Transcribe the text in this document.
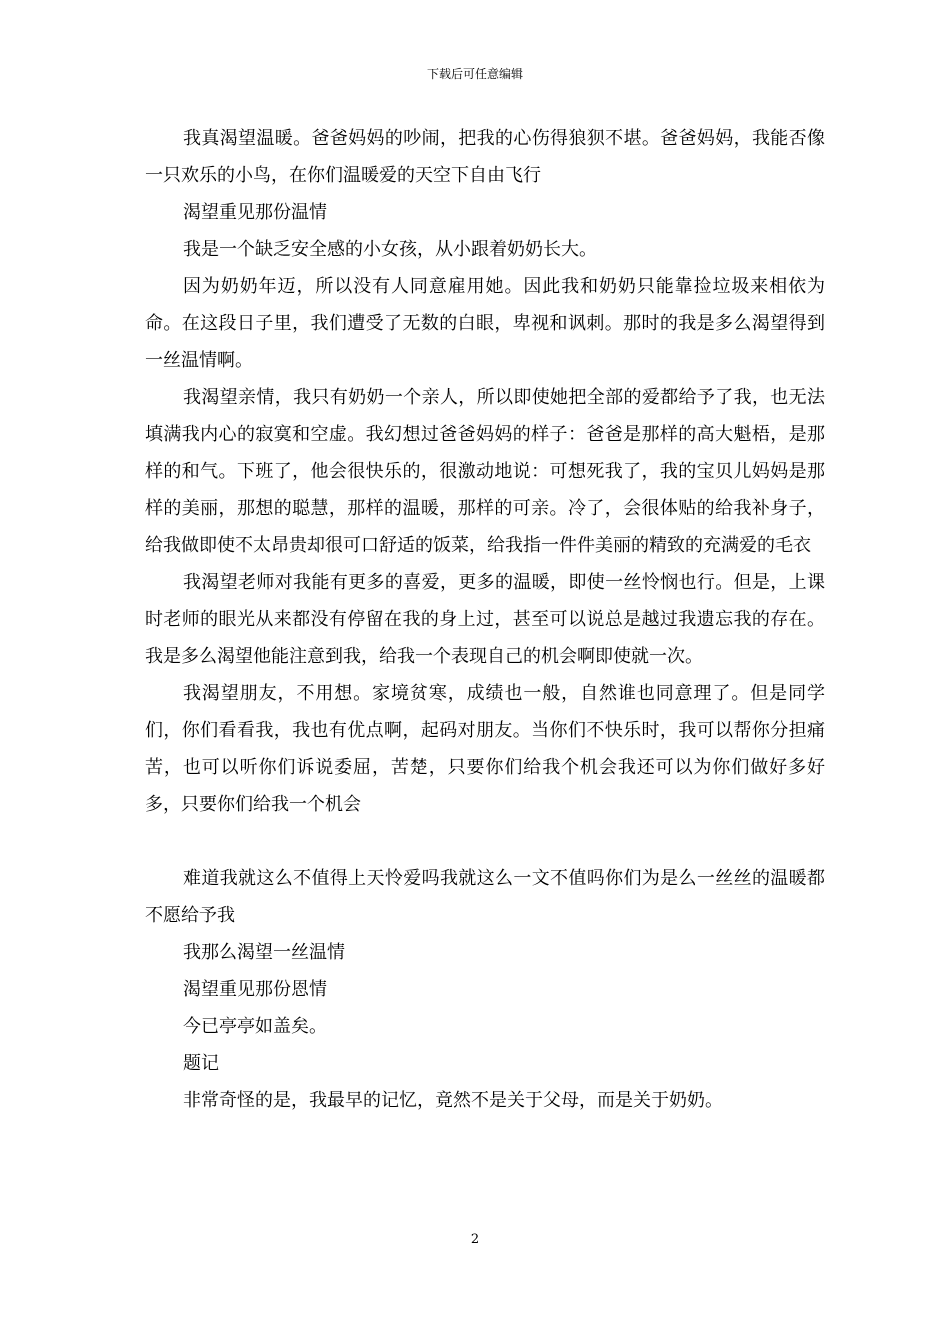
下载后可任意编辑

我真渴望温暖。爸爸妈妈的吵闹，把我的心伤得狼狈不堪。爸爸妈妈，我能否像一只欢乐的小鸟，在你们温暖爱的天空下自由飞行

渴望重见那份温情

我是一个缺乏安全感的小女孩，从小跟着奶奶长大。

因为奶奶年迈，所以没有人同意雇用她。因此我和奶奶只能靠捡垃圾来相依为命。在这段日子里，我们遭受了无数的白眼，卑视和讽刺。那时的我是多么渴望得到一丝温情啊。

我渴望亲情，我只有奶奶一个亲人，所以即使她把全部的爱都给予了我，也无法填满我内心的寂寞和空虚。我幻想过爸爸妈妈的样子：爸爸是那样的高大魁梧，是那样的和气。下班了，他会很快乐的，很激动地说：可想死我了，我的宝贝儿妈妈是那样的美丽，那想的聪慧，那样的温暖，那样的可亲。冷了，会很体贴的给我补身子，给我做即使不太昂贵却很可口舒适的饭菜，给我指一件件美丽的精致的充满爱的毛衣

我渴望老师对我能有更多的喜爱，更多的温暖，即使一丝怜悯也行。但是，上课时老师的眼光从来都没有停留在我的身上过，甚至可以说总是越过我遗忘我的存在。我是多么渴望他能注意到我，给我一个表现自己的机会啊即使就一次。

我渴望朋友，不用想。家境贫寒，成绩也一般，自然谁也同意理了。但是同学们，你们看看我，我也有优点啊，起码对朋友。当你们不快乐时，我可以帮你分担痛苦，也可以听你们诉说委屈，苦楚，只要你们给我个机会我还可以为你们做好多好多，只要你们给我一个机会

难道我就这么不值得上天怜爱吗我就这么一文不值吗你们为是么一丝丝的温暖都不愿给予我

我那么渴望一丝温情

渴望重见那份恩情

今已亭亭如盖矣。

题记

非常奇怪的是，我最早的记忆，竟然不是关于父母，而是关于奶奶。

2
